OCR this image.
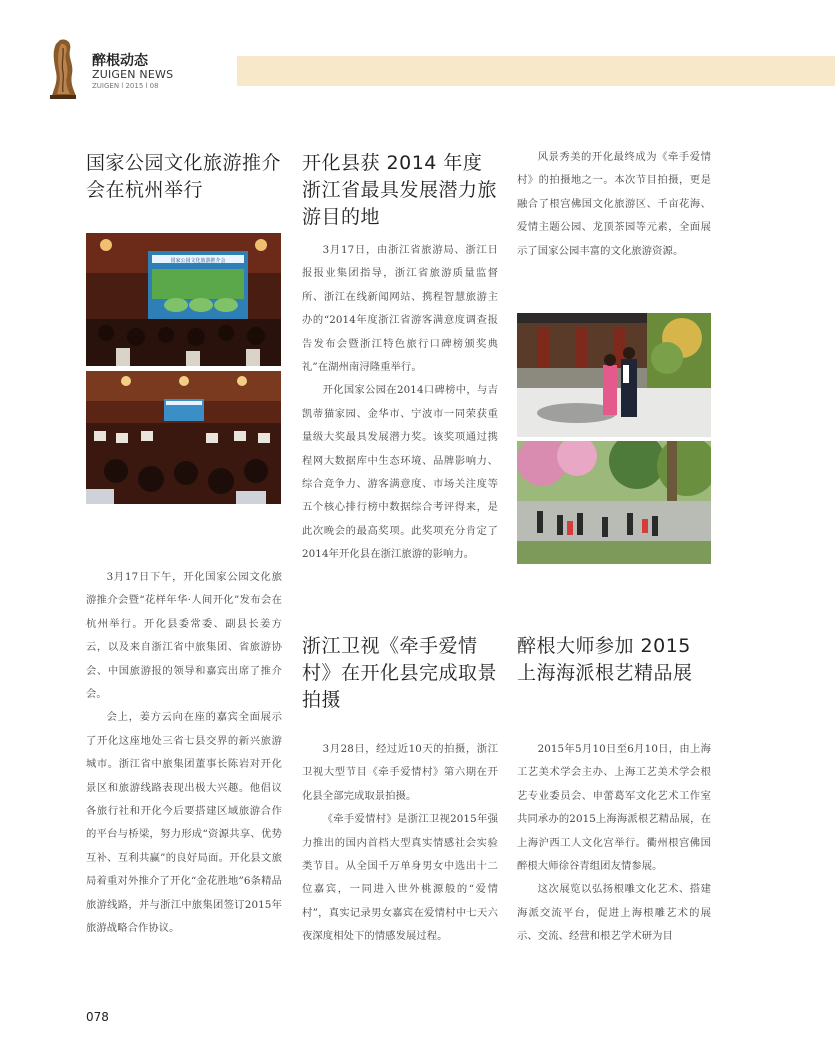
醉根动态
ZUIGEN NEWS
ZUIGEN l 2015 l 08
国家公园文化旅游推介会在杭州举行
国家公园文化旅游推介会

3月17日下午，开化国家公园文化旅游推介会暨“花样年华·人间开化”发布会在杭州举行。开化县委常委、副县长姜方云，以及来自浙江省中旅集团、省旅游协会、中国旅游报的领导和嘉宾出席了推介会。

会上，姜方云向在座的嘉宾全面展示了开化这座地处三省七县交界的新兴旅游城市。浙江省中旅集团董事长陈岩对开化景区和旅游线路表现出极大兴趣。他倡议各旅行社和开化今后要搭建区域旅游合作的平台与桥梁，努力形成“资源共享、优势互补、互利共赢”的良好局面。开化县文旅局着重对外推介了开化“金花胜地”6条精品旅游线路，并与浙江中旅集团签订2015年旅游战略合作协议。

开化县获 2014 年度浙江省最具发展潜力旅游目的地

3月17日，由浙江省旅游局、浙江日报报业集团指导，浙江省旅游质量监督所、浙江在线新闻网站、携程智慧旅游主办的“2014年度浙江省游客满意度调查报告发布会暨浙江特色旅行口碑榜颁奖典礼”在湖州南浔隆重举行。

开化国家公园在2014口碑榜中，与吉凯蒂猫家园、金华市、宁波市一同荣获重量级大奖最具发展潜力奖。该奖项通过携程网大数据库中生态环境、品牌影响力、综合竞争力、游客满意度、市场关注度等五个核心排行榜中数据综合考评得来，是此次晚会的最高奖项。此奖项充分肯定了2014年开化县在浙江旅游的影响力。

浙江卫视《牵手爱情村》在开化县完成取景拍摄

3月28日，经过近10天的拍摄，浙江卫视大型节目《牵手爱情村》第六期在开化县全部完成取景拍摄。

《牵手爱情村》是浙江卫视2015年强力推出的国内首档大型真实情感社会实验类节目。从全国千万单身男女中选出十二位嘉宾，一同进入世外桃源般的“爱情村”，真实记录男女嘉宾在爱情村中七天六夜深度相处下的情感发展过程。

风景秀美的开化最终成为《牵手爱情村》的拍摄地之一。本次节目拍摄，更是融合了根宫佛国文化旅游区、千亩花海、爱情主题公园、龙顶茶园等元素，全面展示了国家公园丰富的文化旅游资源。

醉根大师参加 2015 上海海派根艺精品展

2015年5月10日至6月10日，由上海工艺美术学会主办、上海工艺美术学会根艺专业委员会、申蕾葛军文化艺术工作室共同承办的2015上海海派根艺精品展，在上海沪西工人文化宫举行。衢州根宫佛国醉根大师徐谷青组团友情参展。

这次展览以弘扬根雕文化艺术、搭建海派交流平台，促进上海根雕艺术的展示、交流、经营和根艺学术研为目

078
